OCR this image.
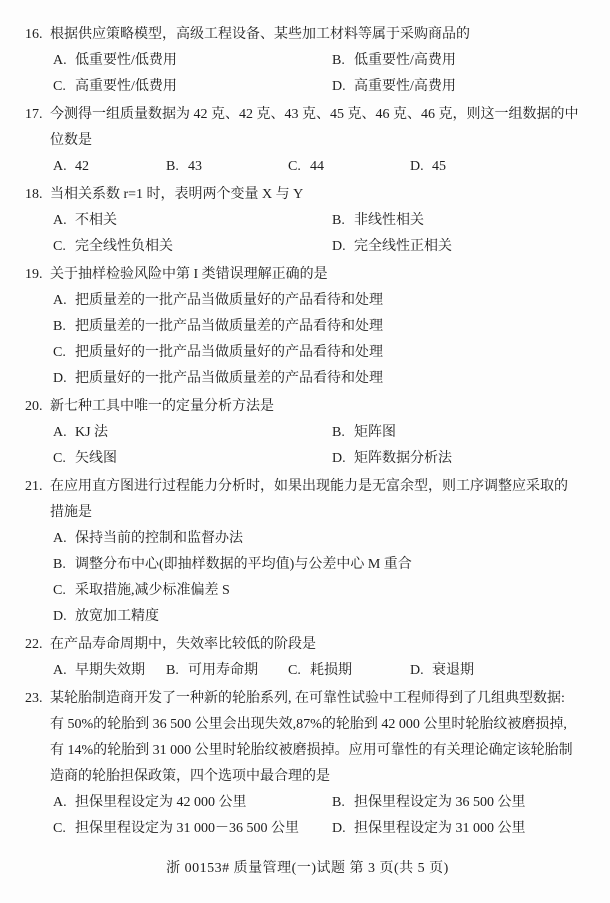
16. 根据供应策略模型，高级工程设备、某些加工材料等属于采购商品的
A. 低重要性/低费用	B. 低重要性/高费用
C. 高重要性/低费用	D. 高重要性/高费用
17. 今测得一组质量数据为 42 克、42 克、43 克、45 克、46 克、46 克，则这一组数据的中
位数是
A. 42	B. 43	C. 44	D. 45
18. 当相关系数 r=1 时，表明两个变量 X 与 Y
A. 不相关	B. 非线性相关
C. 完全线性负相关	D. 完全线性正相关
19. 关于抽样检验风险中第 I 类错误理解正确的是
A. 把质量差的一批产品当做质量好的产品看待和处理
B. 把质量差的一批产品当做质量差的产品看待和处理
C. 把质量好的一批产品当做质量好的产品看待和处理
D. 把质量好的一批产品当做质量差的产品看待和处理
20. 新七种工具中唯一的定量分析方法是
A. KJ 法	B. 矩阵图
C. 矢线图	D. 矩阵数据分析法
21. 在应用直方图进行过程能力分析时，如果出现能力是无富余型，则工序调整应采取的
措施是
A. 保持当前的控制和监督办法
B. 调整分布中心(即抽样数据的平均值)与公差中心 M 重合
C. 采取措施,减少标准偏差 S
D. 放宽加工精度
22. 在产品寿命周期中，失效率比较低的阶段是
A. 早期失效期 B. 可用寿命期 C. 耗损期	D. 衰退期
23. 某轮胎制造商开发了一种新的轮胎系列, 在可靠性试验中工程师得到了几组典型数据:
有 50%的轮胎到 36 500 公里会出现失效,87%的轮胎到 42 000 公里时轮胎纹被磨损掉,
有 14%的轮胎到 31 000 公里时轮胎纹被磨损掉。应用可靠性的有关理论确定该轮胎制
造商的轮胎担保政策，四个选项中最合理的是
A. 担保里程设定为 42 000 公里	B. 担保里程设定为 36 500 公里
C. 担保里程设定为 31 000－36 500 公里 D. 担保里程设定为 31 000 公里
浙 00153# 质量管理(一)试题 第 3 页(共 5 页)
